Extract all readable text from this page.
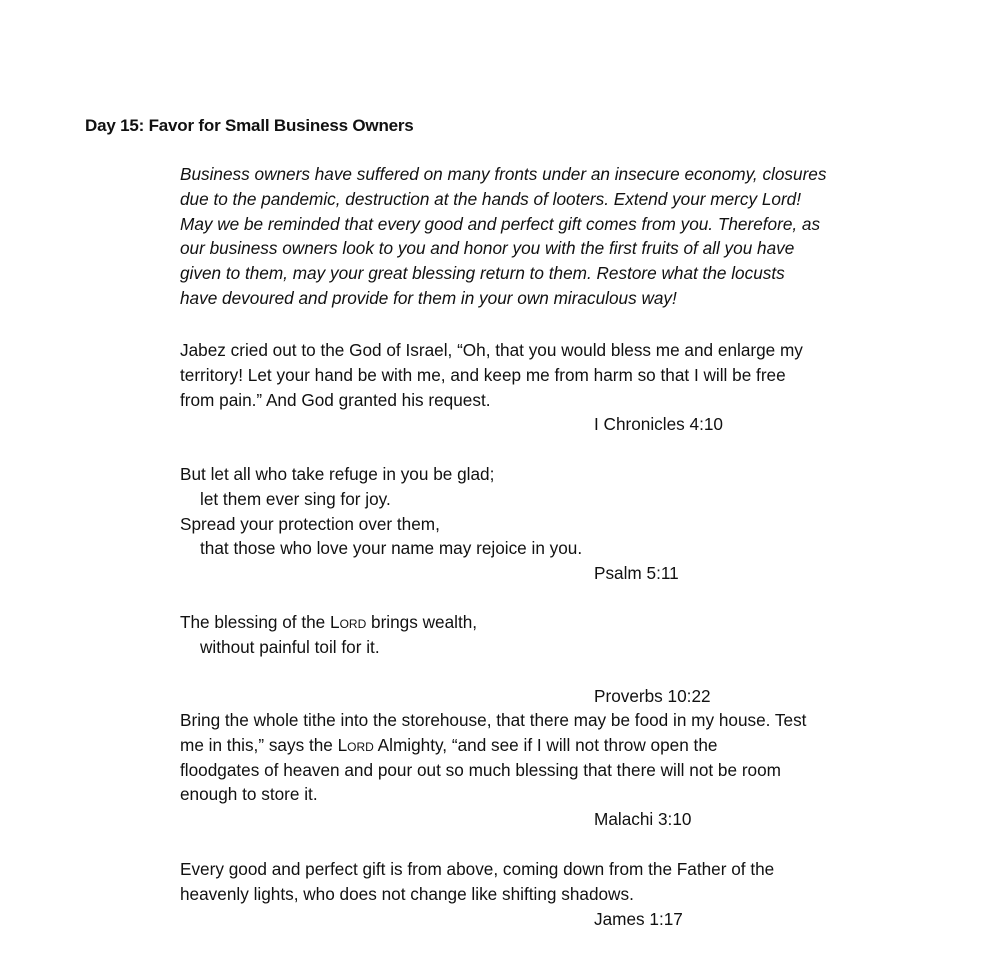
Day 15: Favor for Small Business Owners
Business owners have suffered on many fronts under an insecure economy, closures
due to the pandemic, destruction at the hands of looters. Extend your mercy Lord!
May we be reminded that every good and perfect gift comes from you. Therefore, as
our business owners look to you and honor you with the first fruits of all you have
given to them, may your great blessing return to them. Restore what the locusts
have devoured and provide for them in your own miraculous way!
Jabez cried out to the God of Israel, “Oh, that you would bless me and enlarge my
territory! Let your hand be with me, and keep me from harm so that I will be free
from pain.” And God granted his request.
I Chronicles 4:10
But let all who take refuge in you be glad;
let them ever sing for joy.
Spread your protection over them,
that those who love your name may rejoice in you.
Psalm 5:11
The blessing of the Lord brings wealth,
without painful toil for it.

Proverbs 10:22
Bring the whole tithe into the storehouse, that there may be food in my house. Test
me in this,” says the Lord Almighty, “and see if I will not throw open the
floodgates of heaven and pour out so much blessing that there will not be room
enough to store it.
Malachi 3:10
Every good and perfect gift is from above, coming down from the Father of the
heavenly lights, who does not change like shifting shadows.
James 1:17
